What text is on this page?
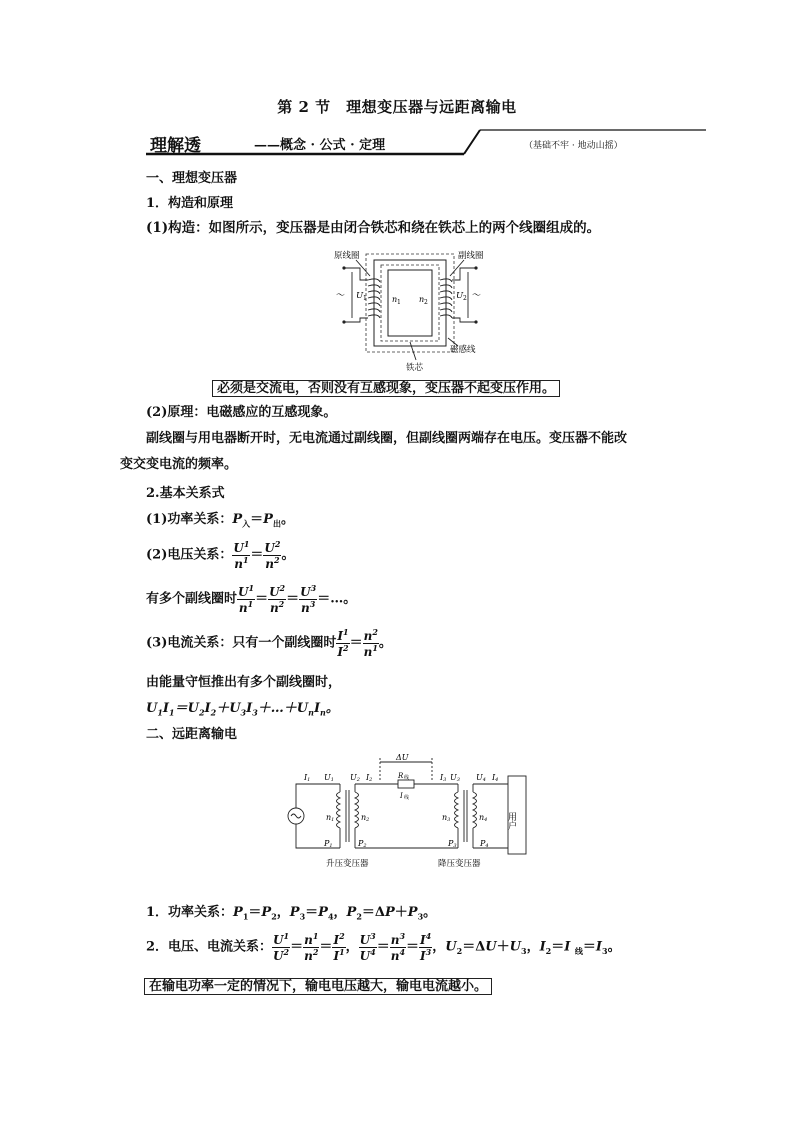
第 2 节　理想变压器与远距离输电
理解透	——概念 · 公式 · 定理	（基础不牢 · 地动山摇）
一、理想变压器
1．构造和原理
(1)构造：如图所示，变压器是由闭合铁芯和绕在铁芯上的两个线圈组成的。
原线圈	副线圈
～ U 1	n 1 n 2
U 2 ～
铁芯
磁感线
必须是交流电，否则没有互感现象，变压器不起变压作用。
(2)原理：电磁感应的互感现象。
副线圈与用电器断开时，无电流通过副线圈，但副线圈两端存在电压。变压器不能改
变交变电流的频率。
2.基本关系式
(1)功率关系：$P_入=P_出$。
(2)电压关系： $\frac{U^1}{n^1} = \frac{U^2}{n^2}$ 。
有多个副线圈时 $\frac{U^1}{n^1} = \frac{U^2}{n^2} = \frac{U^3}{n^3}$ ＝…。
(3)电流关系：只有一个副线圈时 $\frac{I^1}{I^2} = \frac{n^2}{n^1}$ 。
由能量守恒推出有多个副线圈时，
$U_1I_1=U_2I_2+U_3I_3+\dots+U_nI_n$。
二、远距离输电
ΔU
R 线
I 线
I1 U1 U2 I2	I3 U3 U4 I4
n1	n2	n3	n4
P1	P2	P3	P4
用户
升压变压器	降压变压器
1．功率关系：$P_1=P_2$，$P_3=P_4$，$P_2=\Delta P+P_3$。
2．电压、电流关系： $\frac{U^1}{U^2} = \frac{n^1}{n^2} = \frac{I^2}{I^1}$ ， $\frac{U^3}{U^4} = \frac{n^3}{n^4} = \frac{I^4}{I^3}$ ，$U_2=\Delta U+U_3$，$I_2=I$ $_线=I_3$。
在输电功率一定的情况下，输电电压越大，输电电流越小。
